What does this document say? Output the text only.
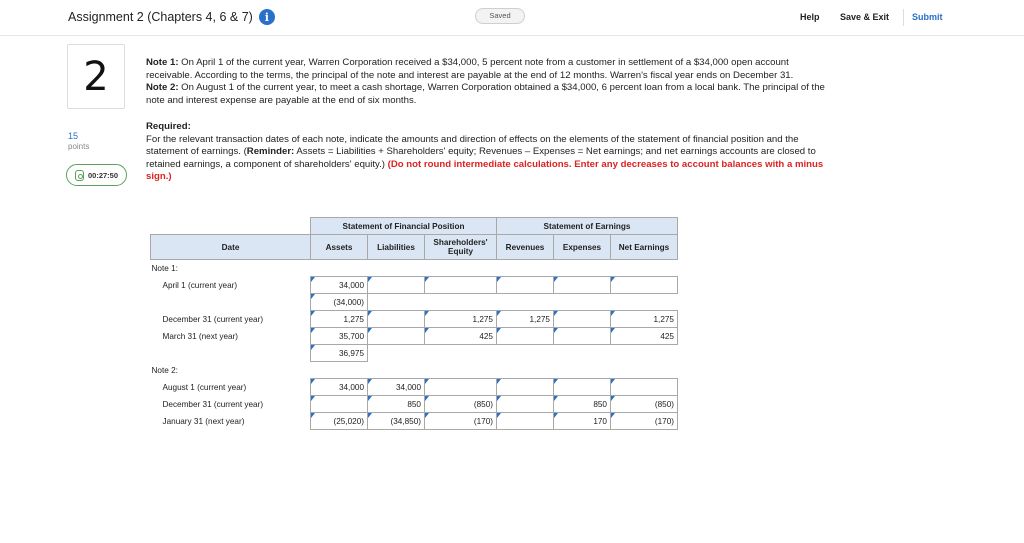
Assignment 2 (Chapters 4, 6 & 7)	i	Saved	Help Save & Exit	Submit
2
15
points
00:27:50

Note 1: On April 1 of the current year, Warren Corporation received a $34,000, 5 percent note from a customer in settlement of a $34,000 open account receivable. According to the terms, the principal of the note and interest are payable at the end of 12 months. Warren's fiscal year ends on December 31.

Note 2: On August 1 of the current year, to meet a cash shortage, Warren Corporation obtained a $34,000, 6 percent loan from a local bank. The principal of the note and interest expense are payable at the end of six months.

Required:

For the relevant transaction dates of each note, indicate the amounts and direction of effects on the elements of the statement of financial position and the statement of earnings. (Reminder: Assets = Liabilities + Shareholders' equity; Revenues – Expenses = Net earnings; and net earnings accounts are closed to retained earnings, a component of shareholders' equity.) (Do not round intermediate calculations. Enter any decreases to account balances with a minus sign.)

	Statement of Financial Position			Statement of Earnings		
Date	Assets	Liabilities	Shareholders' Equity	Revenues	Expenses	Net Earnings
Note 1:						
April 1 (current year)	34,000					
	(34,000)					
December 31 (current year)	1,275		1,275	1,275		1,275
March 31 (next year)	35,700		425			425
	36,975					
Note 2:						
August 1 (current year)	34,000	34,000				
December 31 (current year)		850	(850)		850	(850)
January 31 (next year)	(25,020)	(34,850)	(170)		170	(170)
